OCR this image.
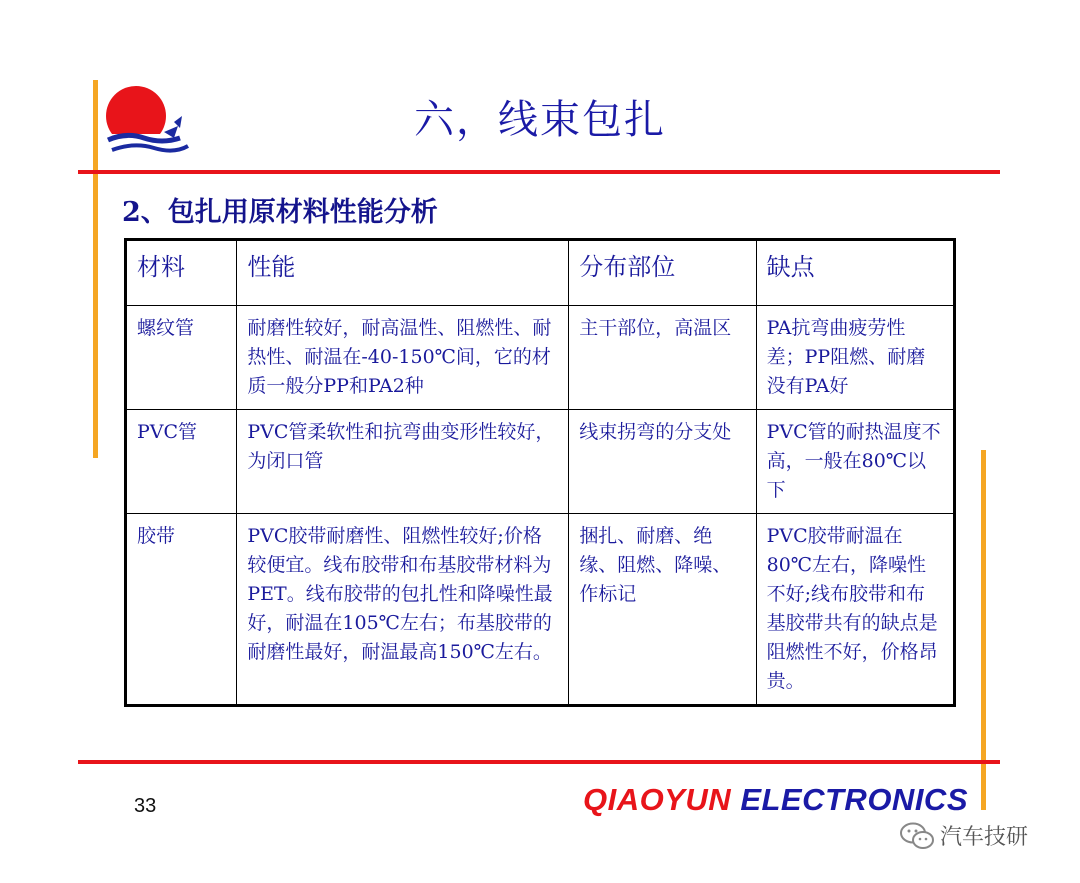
六，线束包扎
2、包扎用原材料性能分析
材料	性能	分布部位	缺点
螺纹管	耐磨性较好，耐高温性、阻燃性、耐热性、耐温在-40-150℃间，它的材质一般分PP和PA2种	主干部位，高温区	PA抗弯曲疲劳性差；PP阻燃、耐磨没有PA好
PVC管	PVC管柔软性和抗弯曲变形性较好，为闭口管	线束拐弯的分支处	PVC管的耐热温度不高，一般在80℃以下
胶带	PVC胶带耐磨性、阻燃性较好;价格较便宜。线布胶带和布基胶带材料为PET。线布胶带的包扎性和降噪性最好，耐温在105℃左右；布基胶带的耐磨性最好，耐温最高150℃左右。	捆扎、耐磨、绝缘、阻燃、降噪、作标记	PVC胶带耐温在80℃左右，降噪性不好;线布胶带和布基胶带共有的缺点是阻燃性不好，价格昂贵。
33	QIAOYUN ELECTRONICS
汽车技研
